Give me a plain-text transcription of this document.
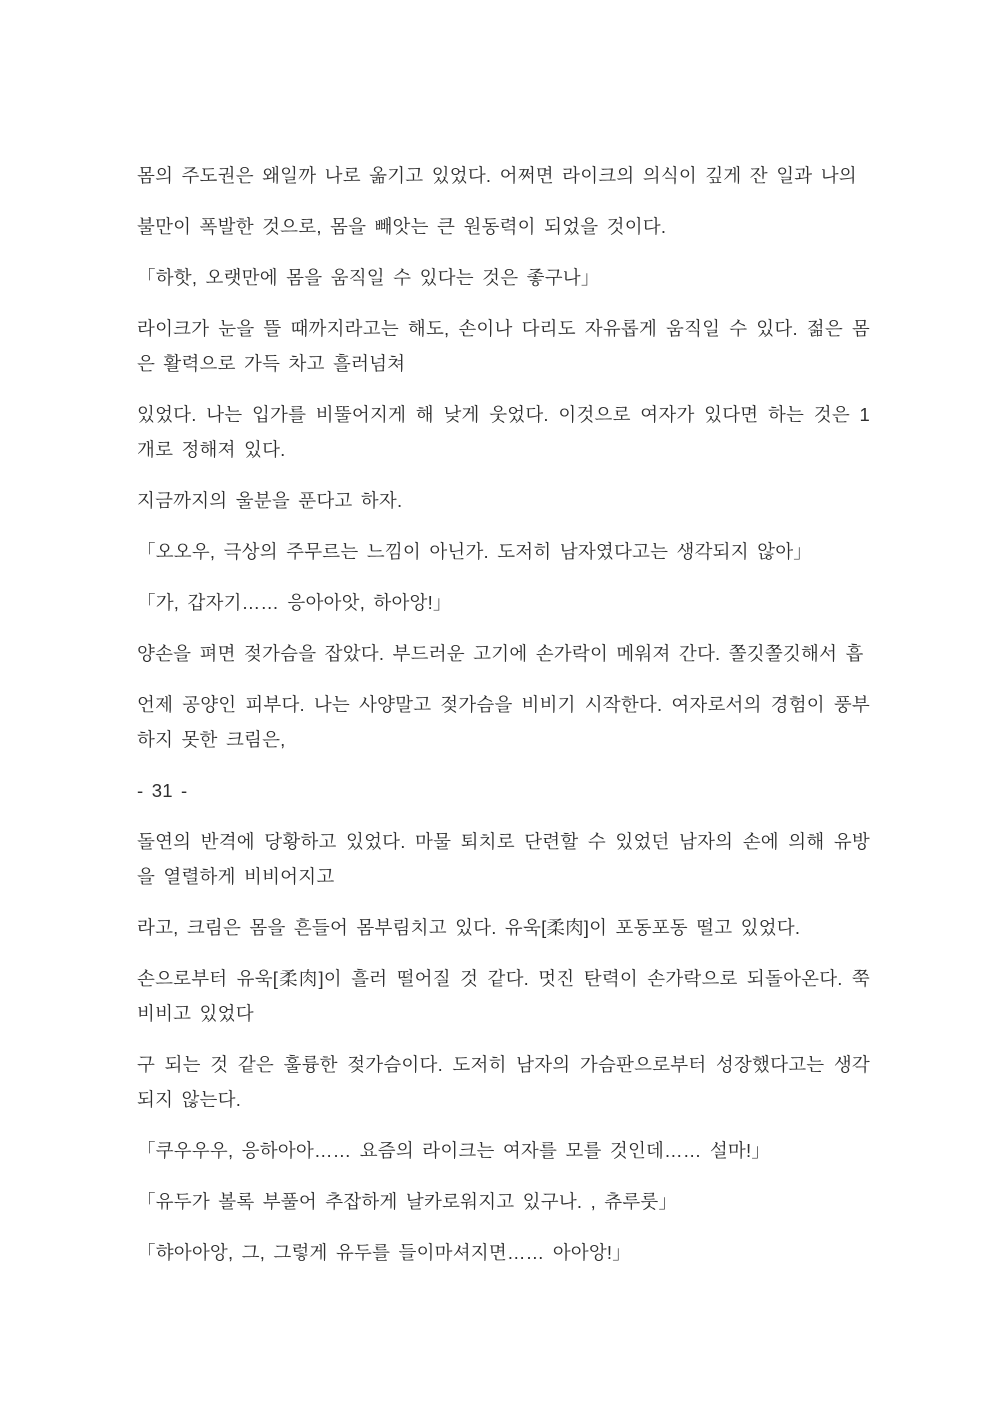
몸의 주도권은 왜일까 나로 옮기고 있었다. 어쩌면 라이크의 의식이 깊게 잔 일과 나의

불만이 폭발한 것으로, 몸을 빼앗는 큰 원동력이 되었을 것이다.

「하핫, 오랫만에 몸을 움직일 수 있다는 것은 좋구나」

라이크가 눈을 뜰 때까지라고는 해도, 손이나 다리도 자유롭게 움직일 수 있다. 젊은 몸은 활력으로 가득 차고 흘러넘쳐

있었다. 나는 입가를 비뚤어지게 해 낮게 웃었다. 이것으로 여자가 있다면 하는 것은 1개로 정해져 있다.

지금까지의 울분을 푼다고 하자.

「오오우, 극상의 주무르는 느낌이 아닌가. 도저히 남자였다고는 생각되지 않아」

「가, 갑자기…… 응아아앗, 하아앙!」

양손을 펴면 젖가슴을 잡았다. 부드러운 고기에 손가락이 메워져 간다. 쫄깃쫄깃해서 흡

언제 공양인 피부다. 나는 사양말고 젖가슴을 비비기 시작한다. 여자로서의 경험이 풍부하지 못한 크림은,

- 31 -

돌연의 반격에 당황하고 있었다. 마물 퇴치로 단련할 수 있었던 남자의 손에 의해 유방을 열렬하게 비비어지고

라고, 크림은 몸을 흔들어 몸부림치고 있다. 유욱[柔肉]이 포동포동 떨고 있었다.

손으로부터 유욱[柔肉]이 흘러 떨어질 것 같다. 멋진 탄력이 손가락으로 되돌아온다. 쭉 비비고 있었다

구 되는 것 같은 훌륭한 젖가슴이다. 도저히 남자의 가슴판으로부터 성장했다고는 생각되지 않는다.

「쿠우우우, 응하아아…… 요즘의 라이크는 여자를 모를 것인데…… 설마!」

「유두가 볼록 부풀어 추잡하게 날카로워지고 있구나. , 츄루룻」

「햐아아앙, 그, 그렇게 유두를 들이마셔지면…… 아아앙!」
